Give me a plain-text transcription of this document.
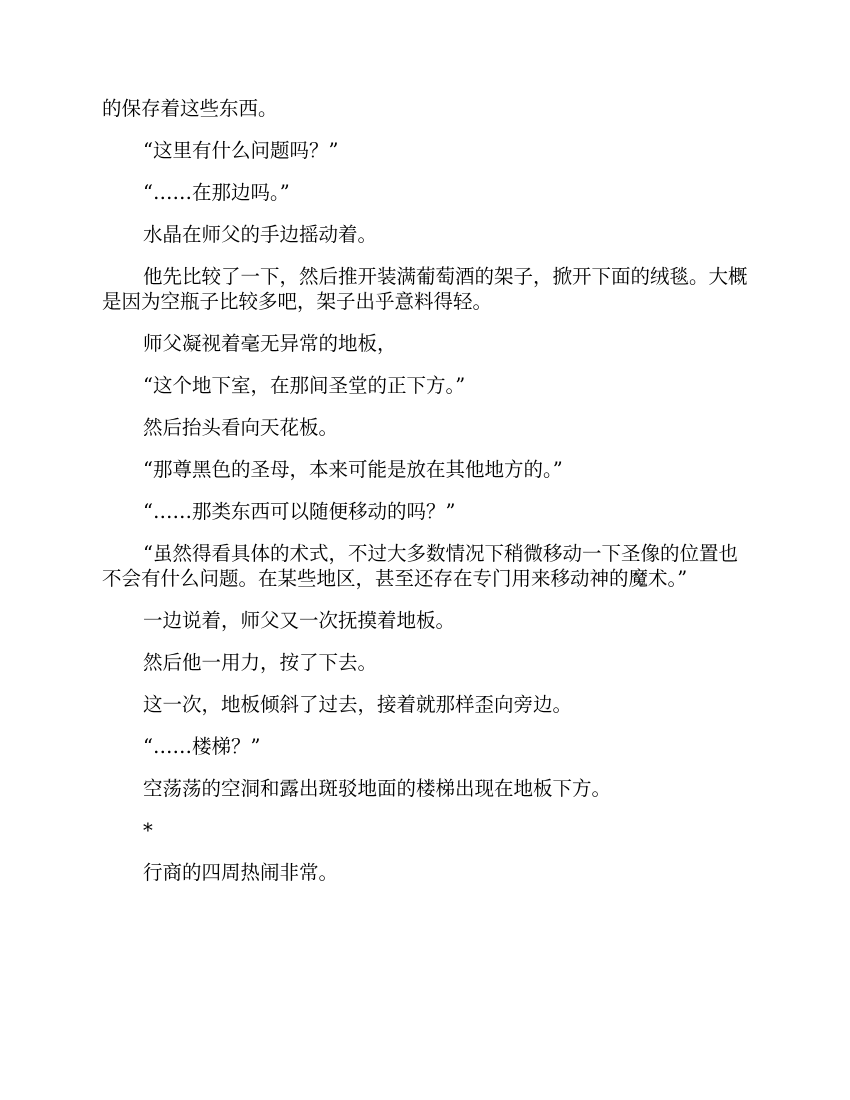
的保存着这些东西。

“这里有什么问题吗？”

“……在那边吗。”

水晶在师父的手边摇动着。

他先比较了一下，然后推开装满葡萄酒的架子，掀开下面的绒毯。大概是因为空瓶子比较多吧，架子出乎意料得轻。

师父凝视着毫无异常的地板，

“这个地下室，在那间圣堂的正下方。”

然后抬头看向天花板。

“那尊黑色的圣母，本来可能是放在其他地方的。”

“……那类东西可以随便移动的吗？”

“虽然得看具体的术式，不过大多数情况下稍微移动一下圣像的位置也不会有什么问题。在某些地区，甚至还存在专门用来移动神的魔术。”

一边说着，师父又一次抚摸着地板。

然后他一用力，按了下去。

这一次，地板倾斜了过去，接着就那样歪向旁边。

“……楼梯？”

空荡荡的空洞和露出斑驳地面的楼梯出现在地板下方。

*

行商的四周热闹非常。
